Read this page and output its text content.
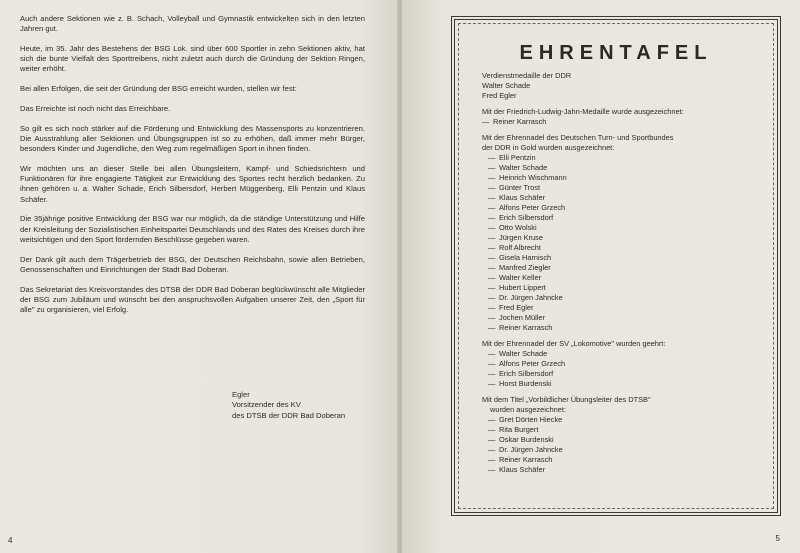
Auch andere Sektionen wie z. B. Schach, Volleyball und Gymnastik entwickelten sich in den letzten Jahren gut.

Heute, im 35. Jahr des Bestehens der BSG Lok. sind über 600 Sportler in zehn Sektionen aktiv, hat sich die bunte Vielfalt des Sporttreibens, nicht zuletzt auch durch die Gründung der Sektion Ringen, weiter erhöht.

Bei allen Erfolgen, die seit der Gründung der BSG erreicht wurden, stellen wir fest:

Das Erreichte ist noch nicht das Erreichbare.

So gilt es sich noch stärker auf die Förderung und Entwicklung des Massensports zu konzentrieren. Die Ausstrahlung aller Sektionen und Übungsgruppen ist so zu erhöhen, daß immer mehr Bürger, besonders Kinder und Jugendliche, den Weg zum regelmäßigen Sport in ihnen finden.

Wir möchten uns an dieser Stelle bei allen Übungsleitern, Kampf- und Schiedsrichtern und Funktionären für ihre engagierte Tätigkeit zur Entwicklung des Sportes recht herzlich bedanken. Zu ihnen gehören u. a. Walter Schade, Erich Silbersdorf, Herbert Müggenberg, Elli Pentzin und Klaus Schäfer.

Die 35jährige positive Entwicklung der BSG war nur möglich, da die ständige Unterstützung und Hilfe der Kreisleitung der Sozialistischen Einheitspartei Deutschlands und des Rates des Kreises durch ihre weitsichtigen und den Sport fördernden Beschlüsse gegeben waren.

Der Dank gilt auch dem Trägerbetrieb der BSG, der Deutschen Reichsbahn, sowie allen Betrieben, Genossenschaften und Einrichtungen der Stadt Bad Doberan.

Das Sekretariat des Kreisvorstandes des DTSB der DDR Bad Doberan beglückwünscht alle Mitglieder der BSG zum Jubiläum und wünscht bei den anspruchsvollen Aufgaben unserer Zeit, den „Sport für alle" zu organisieren, viel Erfolg.

Egler
Vorsitzender des KV
des DTSB der DDR Bad Doberan
4
EHRENTAFEL
Verdienstmedaille der DDR
Walter Schade
Fred Egler
Mit der Friedrich-Ludwig-Jahn-Medaille wurde ausgezeichnet:
— Reiner Karrasch
Mit der Ehrennadel des Deutschen Turn- und Sportbundes
der DDR in Gold wurden ausgezeichnet:
— Elli Pentzin
— Walter Schade
— Heinrich Wischmann
— Günter Trost
— Klaus Schäfer
— Alfons Peter Grzech
— Erich Silbersdorf
— Otto Wolski
— Jürgen Kruse
— Rolf Albrecht
— Gisela Harnisch
— Manfred Ziegler
— Walter Keller
— Hubert Lippert
— Dr. Jürgen Jahncke
— Fred Egler
— Jochen Müller
— Reiner Karrasch
Mit der Ehrennadel der SV „Lokomotive" wurden geehrt:
— Walter Schade
— Alfons Peter Grzech
— Erich Silbersdorf
— Horst Burdenski
Mit dem Titel „Vorbildlicher Übungsleiter des DTSB"
wurden ausgezeichnet:
— Gret Dörten Hiecke
— Rita Burgert
— Oskar Burdenski
— Dr. Jürgen Jahncke
— Reiner Karrasch
— Klaus Schäfer
5
